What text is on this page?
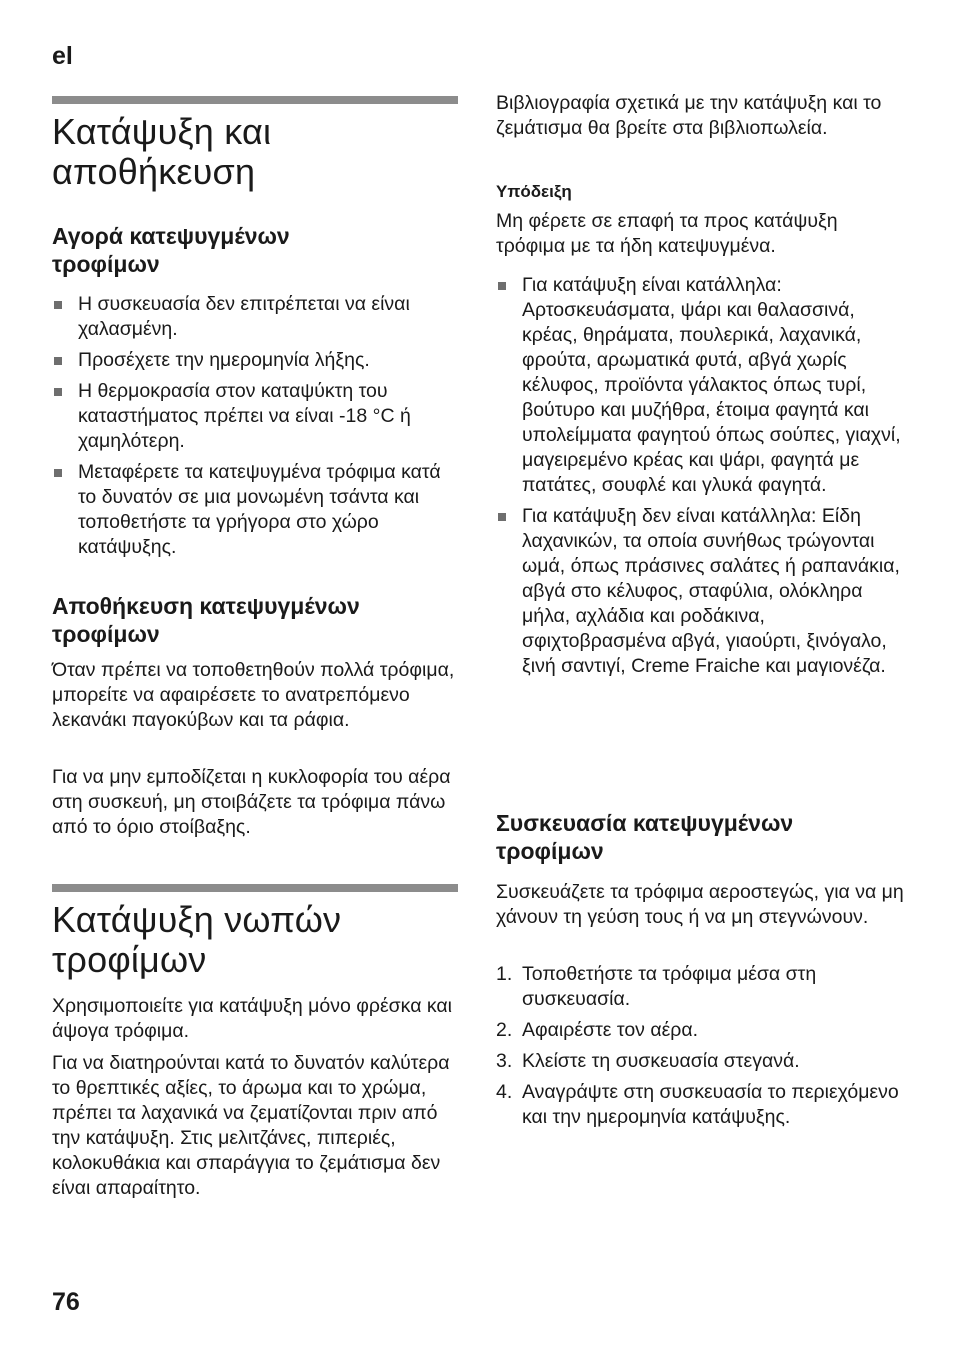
el
Κατάψυξη και
αποθήκευση
Αγορά κατεψυγμένων
τροφίμων
Η συσκευασία δεν επιτρέπεται να είναι χαλασμένη.
Προσέχετε την ημερομηνία λήξης.
Η θερμοκρασία στον καταψύκτη του καταστήματος πρέπει να είναι -18 °C ή χαμηλότερη.
Μεταφέρετε τα κατεψυγμένα τρόφιμα κατά το δυνατόν σε μια μονωμένη τσάντα και τοποθετήστε τα γρήγορα στο χώρο κατάψυξης.
Αποθήκευση κατεψυγμένων
τροφίμων

Όταν πρέπει να τοποθετηθούν πολλά τρόφιμα, μπορείτε να αφαιρέσετε το ανατρεπόμενο λεκανάκι παγοκύβων και τα ράφια.

Για να μην εμποδίζεται η κυκλοφορία του αέρα στη συσκευή, μη στοιβάζετε τα τρόφιμα πάνω από το όριο στοίβαξης.

Κατάψυξη νωπών
τροφίμων

Χρησιμοποιείτε για κατάψυξη μόνο φρέσκα και άψογα τρόφιμα.

Για να διατηρούνται κατά το δυνατόν καλύτερα το θρεπτικές αξίες, το άρωμα και το χρώμα, πρέπει τα λαχανικά να ζεματίζονται πριν από την κατάψυξη. Στις μελιτζάνες, πιπεριές, κολοκυθάκια και σπαράγγια το ζεμάτισμα δεν είναι απαραίτητο.

Βιβλιογραφία σχετικά με την κατάψυξη και το ζεμάτισμα θα βρείτε στα βιβλιοπωλεία.

Υπόδειξη

Μη φέρετε σε επαφή τα προς κατάψυξη τρόφιμα με τα ήδη κατεψυγμένα.

Για κατάψυξη είναι κατάλληλα: Αρτοσκευάσματα, ψάρι και θαλασσινά, κρέας, θηράματα, πουλερικά, λαχανικά, φρούτα, αρωματικά φυτά, αβγά χωρίς κέλυφος, προϊόντα γάλακτος όπως τυρί, βούτυρο και μυζήθρα, έτοιμα φαγητά και υπολείμματα φαγητού όπως σούπες, γιαχνί, μαγειρεμένο κρέας και ψάρι, φαγητά με πατάτες, σουφλέ και γλυκά φαγητά.
Για κατάψυξη δεν είναι κατάλληλα: Είδη λαχανικών, τα οποία συνήθως τρώγονται ωμά, όπως πράσινες σαλάτες ή ραπανάκια, αβγά στο κέλυφος, σταφύλια, ολόκληρα μήλα, αχλάδια και ροδάκινα, σφιχτοβρασμένα αβγά, γιαούρτι, ξινόγαλο, ξινή σαντιγί, Creme Fraiche και μαγιονέζα.
Συσκευασία κατεψυγμένων
τροφίμων

Συσκευάζετε τα τρόφιμα αεροστεγώς, για να μη χάνουν τη γεύση τους ή να μη στεγνώνουν.

1. Τοποθετήστε τα τρόφιμα μέσα στη συσκευασία.
2. Αφαιρέστε τον αέρα.
3. Κλείστε τη συσκευασία στεγανά.
4. Αναγράψτε στη συσκευασία το περιεχόμενο και την ημερομηνία κατάψυξης.
76
